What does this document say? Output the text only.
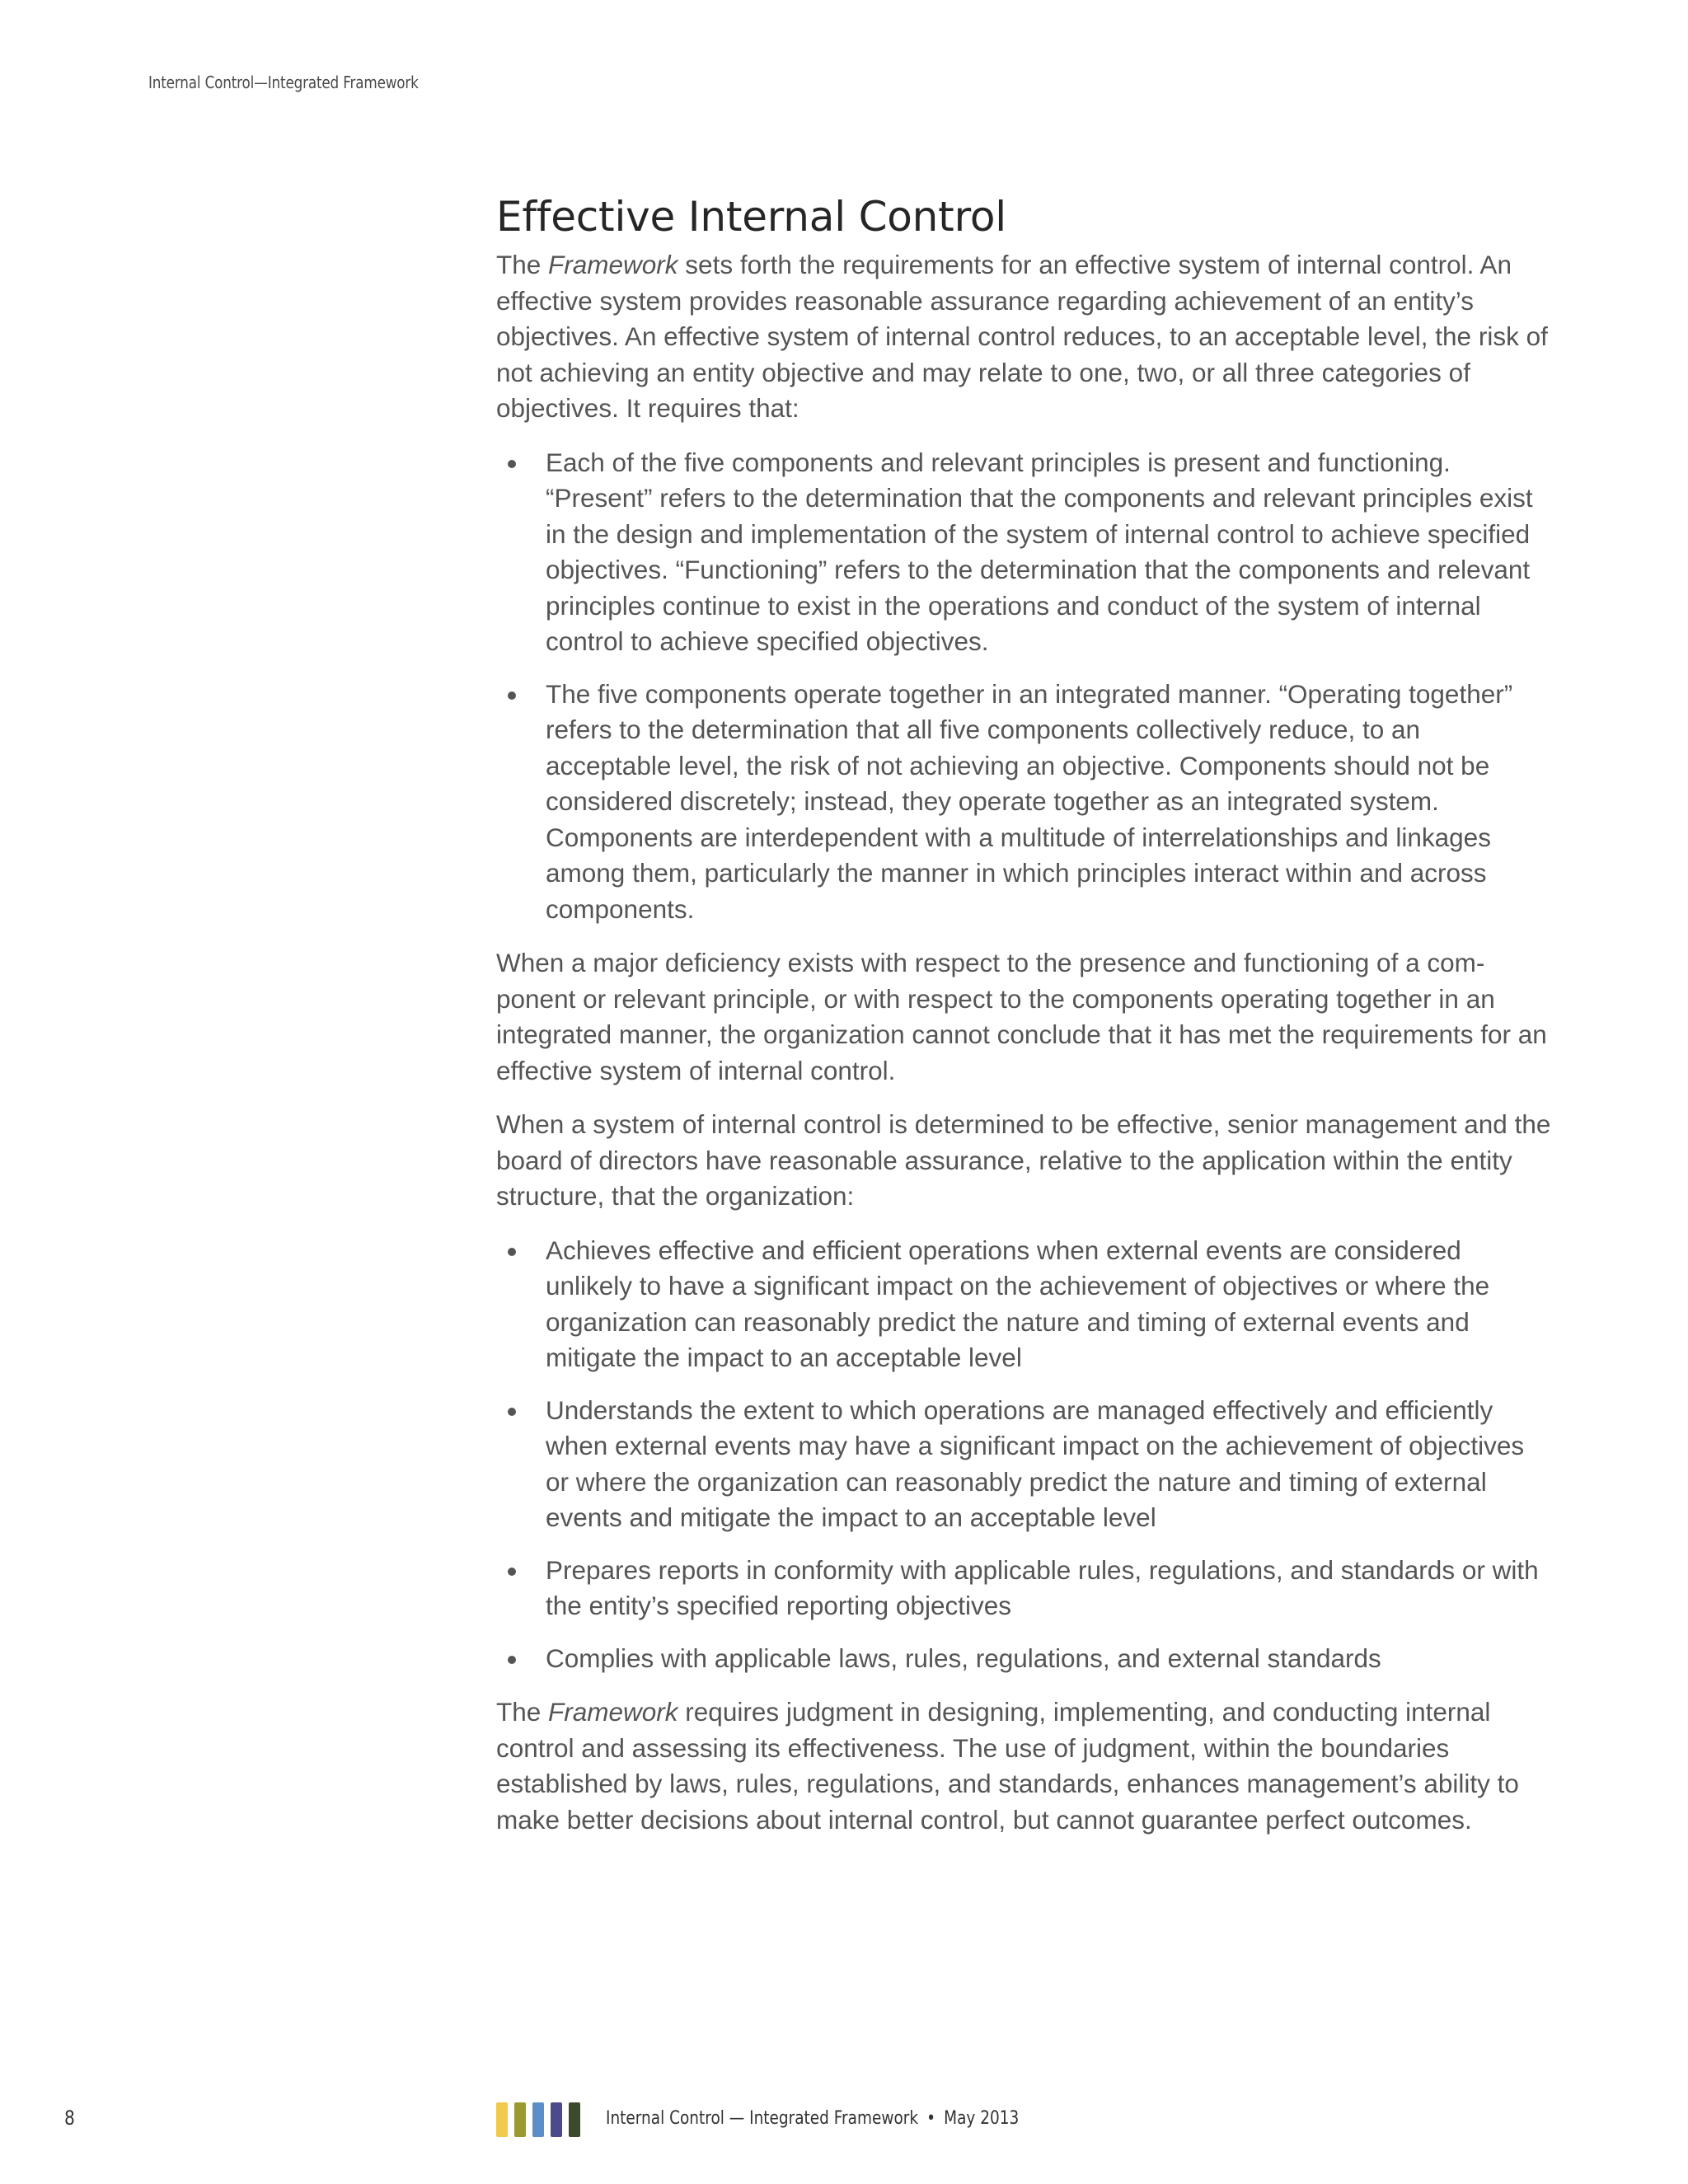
Internal Control—Integrated Framework
Effective Internal Control

The Framework sets forth the requirements for an effective system of internal control. An effective system provides reasonable assurance regarding achievement of an entity’s objectives. An effective system of internal control reduces, to an acceptable level, the risk of not achieving an entity objective and may relate to one, two, or all three categories of objectives. It requires that:

Each of the five components and relevant principles is present and functioning. “Present” refers to the determination that the components and relevant principles exist in the design and implementation of the system of internal control to achieve specified objectives. “Functioning” refers to the determination that the components and relevant principles continue to exist in the operations and conduct of the system of internal control to achieve specified objectives.
The five components operate together in an integrated manner. “Operating together” refers to the determination that all five components collectively reduce, to an acceptable level, the risk of not achieving an objective. Components should not be considered discretely; instead, they operate together as an integrated system. Components are interdependent with a multitude of interrelationships and linkages among them, particularly the manner in which principles interact within and across components.

When a major deficiency exists with respect to the presence and functioning of a component or relevant principle, or with respect to the components operating together in an integrated manner, the organization cannot conclude that it has met the requirements for an effective system of internal control.

When a system of internal control is determined to be effective, senior management and the board of directors have reasonable assurance, relative to the application within the entity structure, that the organization:

Achieves effective and efficient operations when external events are considered unlikely to have a significant impact on the achievement of objectives or where the organization can reasonably predict the nature and timing of external events and mitigate the impact to an acceptable level
Understands the extent to which operations are managed effectively and efficiently when external events may have a significant impact on the achievement of objectives or where the organization can reasonably predict the nature and timing of external events and mitigate the impact to an acceptable level
Prepares reports in conformity with applicable rules, regulations, and standards or with the entity’s specified reporting objectives
Complies with applicable laws, rules, regulations, and external standards

The Framework requires judgment in designing, implementing, and conducting internal control and assessing its effectiveness. The use of judgment, within the boundaries established by laws, rules, regulations, and standards, enhances management’s ability to make better decisions about internal control, but cannot guarantee perfect outcomes.

8	Internal Control — Integrated Framework • May 2013
